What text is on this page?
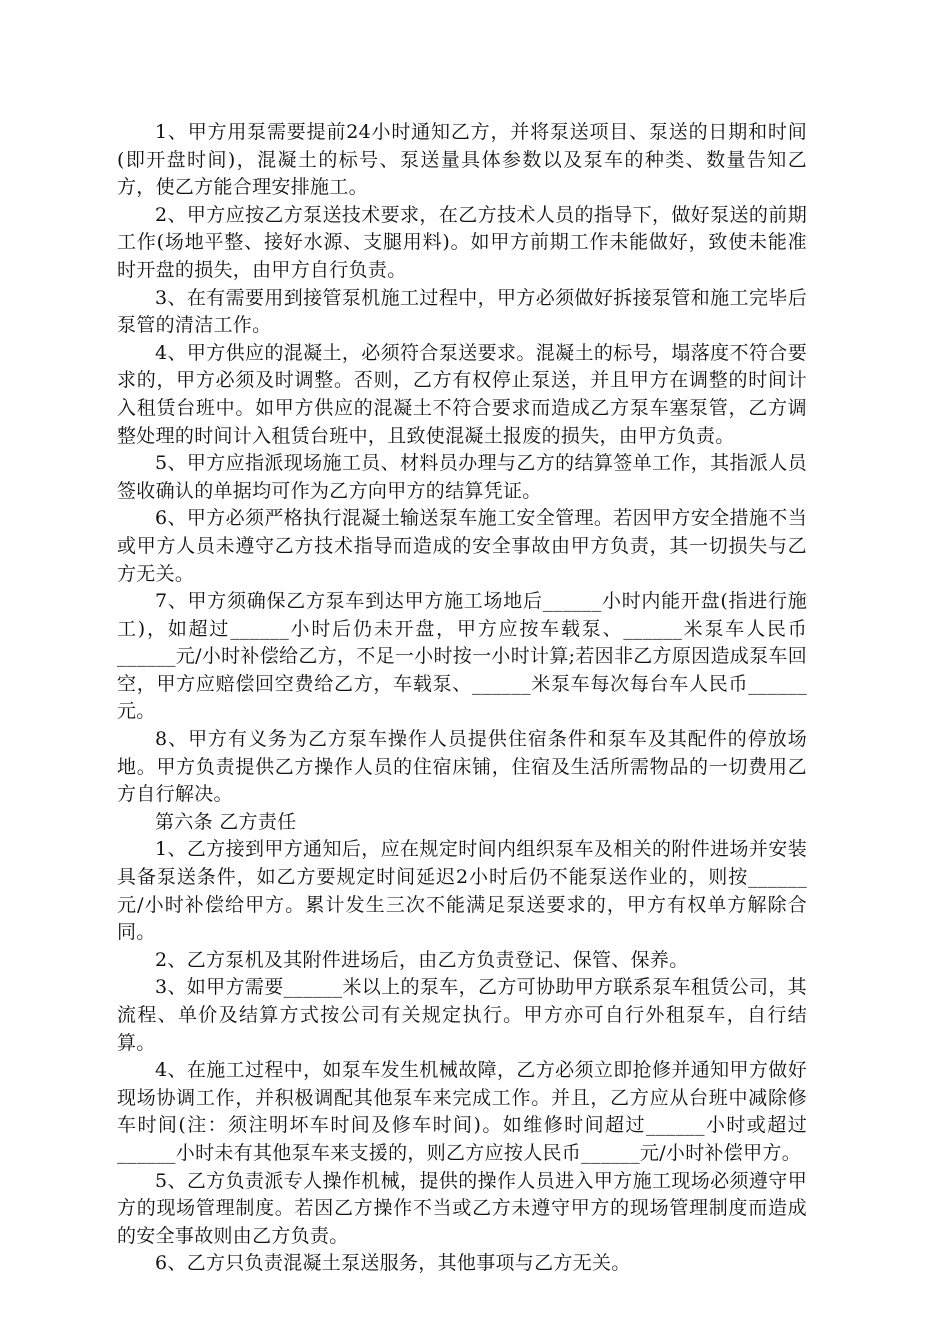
1、甲方用泵需要提前24小时通知乙方，并将泵送项目、泵送的日期和时间(即开盘时间)，混凝土的标号、泵送量具体参数以及泵车的种类、数量告知乙方，使乙方能合理安排施工。

2、甲方应按乙方泵送技术要求，在乙方技术人员的指导下，做好泵送的前期工作(场地平整、接好水源、支腿用料)。如甲方前期工作未能做好，致使未能准时开盘的损失，由甲方自行负责。

3、在有需要用到接管泵机施工过程中，甲方必须做好拆接泵管和施工完毕后泵管的清洁工作。

4、甲方供应的混凝土，必须符合泵送要求。混凝土的标号，塌落度不符合要求的，甲方必须及时调整。否则，乙方有权停止泵送，并且甲方在调整的时间计入租赁台班中。如甲方供应的混凝土不符合要求而造成乙方泵车塞泵管，乙方调整处理的时间计入租赁台班中，且致使混凝土报废的损失，由甲方负责。

5、甲方应指派现场施工员、材料员办理与乙方的结算签单工作，其指派人员签收确认的单据均可作为乙方向甲方的结算凭证。

6、甲方必须严格执行混凝土输送泵车施工安全管理。若因甲方安全措施不当或甲方人员未遵守乙方技术指导而造成的安全事故由甲方负责，其一切损失与乙方无关。

7、甲方须确保乙方泵车到达甲方施工场地后______小时内能开盘(指进行施工)，如超过______小时后仍未开盘，甲方应按车载泵、______米泵车人民币______元/小时补偿给乙方，不足一小时按一小时计算;若因非乙方原因造成泵车回空，甲方应赔偿回空费给乙方，车载泵、______米泵车每次每台车人民币______元。

8、甲方有义务为乙方泵车操作人员提供住宿条件和泵车及其配件的停放场地。甲方负责提供乙方操作人员的住宿床铺，住宿及生活所需物品的一切费用乙方自行解决。

第六条 乙方责任

1、乙方接到甲方通知后，应在规定时间内组织泵车及相关的附件进场并安装具备泵送条件，如乙方要规定时间延迟2小时后仍不能泵送作业的，则按______元/小时补偿给甲方。累计发生三次不能满足泵送要求的，甲方有权单方解除合同。

2、乙方泵机及其附件进场后，由乙方负责登记、保管、保养。

3、如甲方需要______米以上的泵车，乙方可协助甲方联系泵车租赁公司，其流程、单价及结算方式按公司有关规定执行。甲方亦可自行外租泵车，自行结算。

4、在施工过程中，如泵车发生机械故障，乙方必须立即抢修并通知甲方做好现场协调工作，并积极调配其他泵车来完成工作。并且，乙方应从台班中减除修车时间(注：须注明坏车时间及修车时间)。如维修时间超过______小时或超过______小时未有其他泵车来支援的，则乙方应按人民币______元/小时补偿甲方。

5、乙方负责派专人操作机械，提供的操作人员进入甲方施工现场必须遵守甲方的现场管理制度。若因乙方操作不当或乙方未遵守甲方的现场管理制度而造成的安全事故则由乙方负责。

6、乙方只负责混凝土泵送服务，其他事项与乙方无关。
